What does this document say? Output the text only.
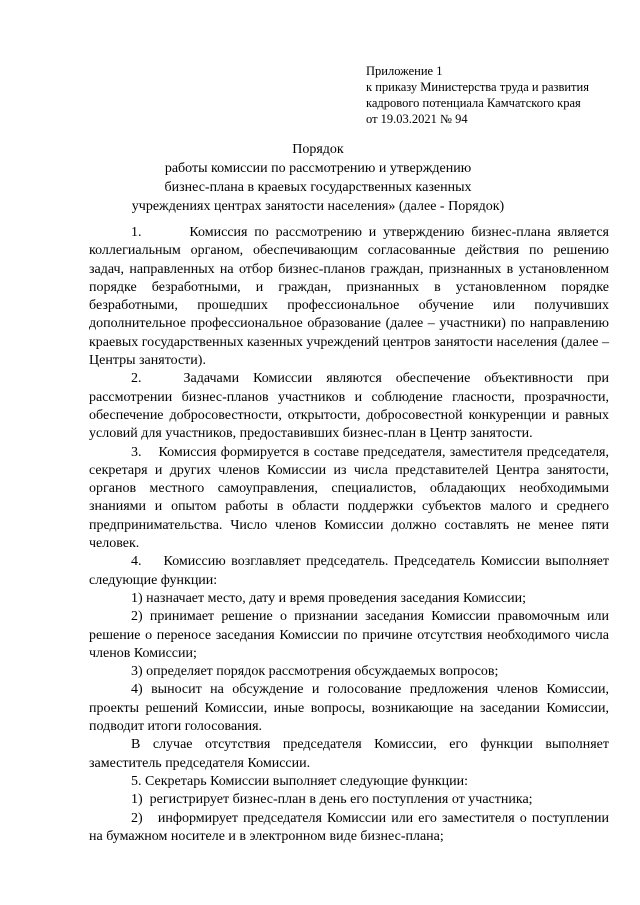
Приложение 1
к приказу Министерства труда и развития
кадрового потенциала Камчатского края
от 19.03.2021 № 94
Порядок
работы комиссии по рассмотрению и утверждению
бизнес-плана в краевых государственных казенных
учреждениях центрах занятости населения» (далее - Порядок)

1.       Комиссия по рассмотрению и утверждению бизнес-плана является коллегиальным органом, обеспечивающим согласованные действия по решению задач, направленных на отбор бизнес-планов граждан, признанных в установленном порядке безработными, и граждан, признанных в установленном порядке безработными, прошедших профессиональное обучение или получивших дополнительное профессиональное образование (далее – участники) по направлению краевых государственных казенных учреждений центров занятости населения (далее – Центры занятости).

2.   Задачами Комиссии являются обеспечение объективности при рассмотрении бизнес-планов участников и соблюдение гласности, прозрачности, обеспечение добросовестности, открытости, добросовестной конкуренции и равных условий для участников, предоставивших бизнес-план в Центр занятости.

3.    Комиссия формируется в составе председателя, заместителя председателя, секретаря и других членов Комиссии из числа представителей Центра занятости, органов местного самоуправления, специалистов, обладающих необходимыми знаниями и опытом работы в области поддержки субъектов малого и среднего предпринимательства. Число членов Комиссии должно составлять не менее пяти человек.

4.    Комиссию возглавляет председатель. Председатель Комиссии выполняет следующие функции:

1) назначает место, дату и время проведения заседания Комиссии;

2) принимает решение о признании заседания Комиссии правомочным или решение о переносе заседания Комиссии по причине отсутствия необходимого числа членов Комиссии;

3) определяет порядок рассмотрения обсуждаемых вопросов;

4) выносит на обсуждение и голосование предложения членов Комиссии, проекты решений Комиссии, иные вопросы, возникающие на заседании Комиссии, подводит итоги голосования.

В случае отсутствия председателя Комиссии, его функции выполняет заместитель председателя Комиссии.

5. Секретарь Комиссии выполняет следующие функции:

1)  регистрирует бизнес-план в день его поступления от участника;

2)   информирует председателя Комиссии или его заместителя о поступлении на бумажном носителе и в электронном виде бизнес-плана;
